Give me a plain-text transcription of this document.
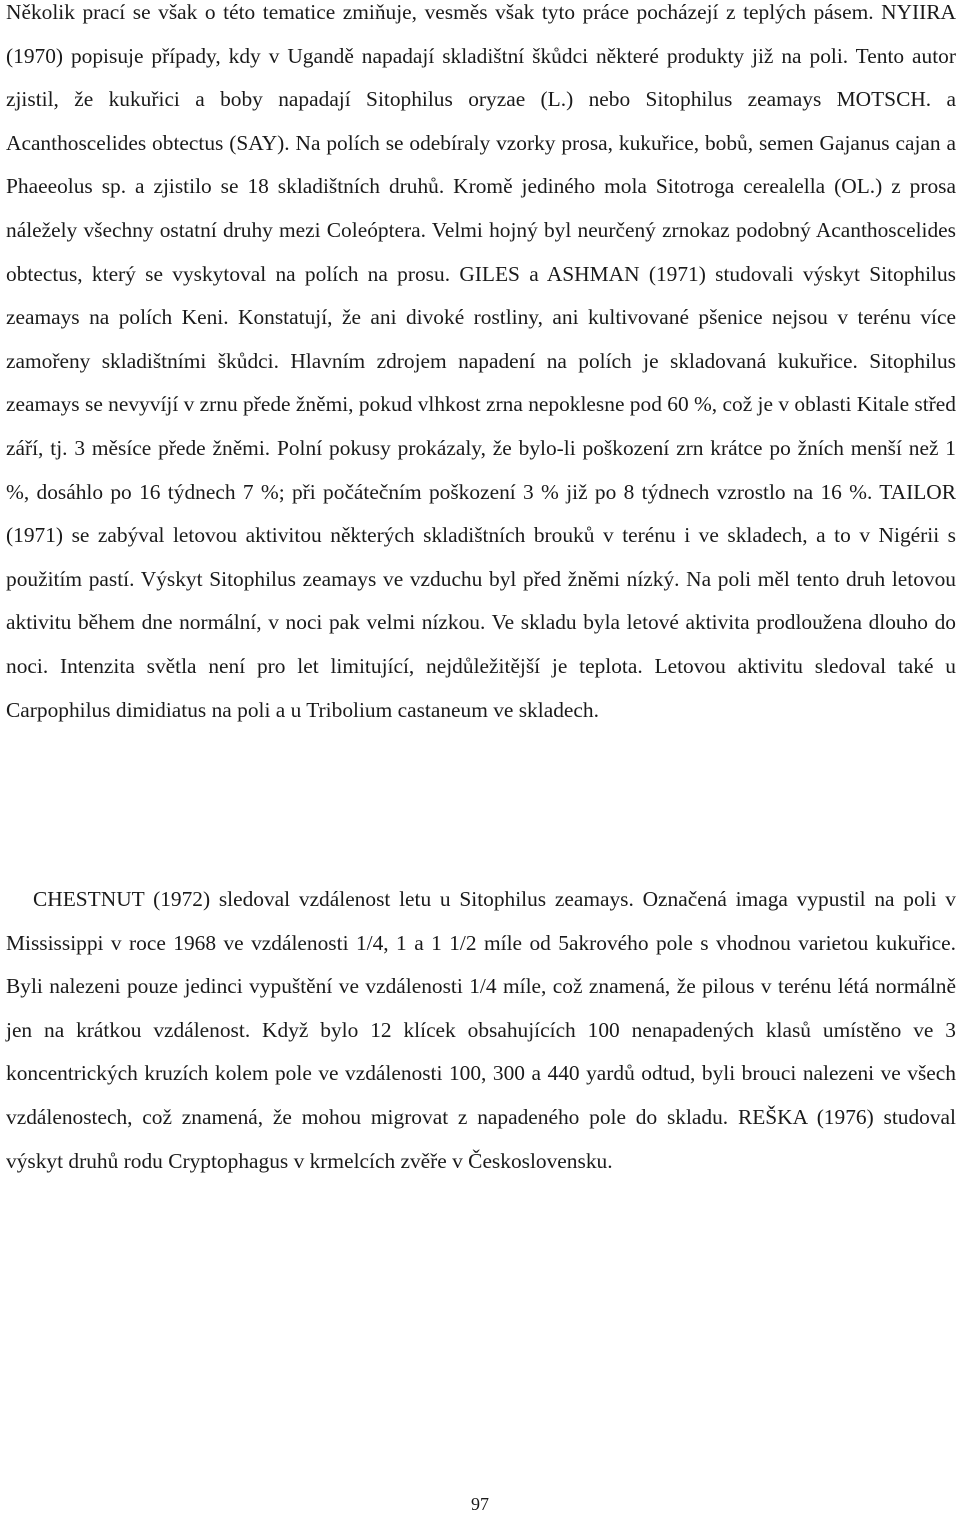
Několik prací se však o této tematice zmiňuje, vesměs však tyto práce pocházejí z teplých pásem. NYIIRA (1970) popisuje případy, kdy v Ugandě napadají skladištní škůdci některé produkty již na poli. Tento autor zjistil, že kukuřici a boby napadají Sitophilus oryzae (L.) nebo Sitophilus zeamays MOTSCH. a Acanthoscelides obtectus (SAY). Na polích se odebíraly vzorky prosa, kukuřice, bobů, semen Gajanus cajan a Phaeeolus sp. a zjistilo se 18 skladištních druhů. Kromě jediného mola Sitotroga cerealella (OL.) z prosa náležely všechny ostatní druhy mezi Coleóptera. Velmi hojný byl neurčený zrnokaz podobný Acanthoscelides obtectus, který se vyskytoval na polích na prosu. GILES a ASHMAN (1971) studovali výskyt Sitophilus zeamays na polích Keni. Konstatují, že ani divoké rostliny, ani kultivované pšenice nejsou v terénu více zamořeny skladištními škůdci. Hlavním zdrojem napadení na polích je skladovaná kukuřice. Sitophilus zeamays se nevyvíjí v zrnu přede žněmi, pokud vlhkost zrna nepoklesne pod 60 %, což je v oblasti Kitale střed září, tj. 3 měsíce přede žněmi. Polní pokusy prokázaly, že bylo-li poškození zrn krátce po žních menší než 1 %, dosáhlo po 16 týdnech 7 %; při počátečním poškození 3 % již po 8 týdnech vzrostlo na 16 %. TAILOR (1971) se zabýval letovou aktivitou některých skladištních brouků v terénu i ve skladech, a to v Nigérii s použitím pastí. Výskyt Sitophilus zeamays ve vzduchu byl před žněmi nízký. Na poli měl tento druh letovou aktivitu během dne normální, v noci pak velmi nízkou. Ve skladu byla letové aktivita prodloužena dlouho do noci. Intenzita světla není pro let limitující, nejdůležitější je teplota. Letovou aktivitu sledoval také u Carpophilus dimidiatus na poli a u Tribolium castaneum ve skladech.

CHESTNUT (1972) sledoval vzdálenost letu u Sitophilus zeamays. Označená imaga vypustil na poli v Mississippi v roce 1968 ve vzdálenosti 1/4, 1 a 1 1/2 míle od 5akrového pole s vhodnou varietou kukuřice. Byli nalezeni pouze jedinci vypuštění ve vzdálenosti 1/4 míle, což znamená, že pilous v terénu létá normálně jen na krátkou vzdálenost. Když bylo 12 klícek obsahujících 100 nenapadených klasů umístěno ve 3 koncentrických kruzích kolem pole ve vzdálenosti 100, 300 a 440 yardů odtud, byli brouci nalezeni ve všech vzdálenostech, což znamená, že mohou migrovat z napadeného pole do skladu. REŠKA (1976) studoval výskyt druhů rodu Cryptophagus v krmelcích zvěře v Československu.

97
